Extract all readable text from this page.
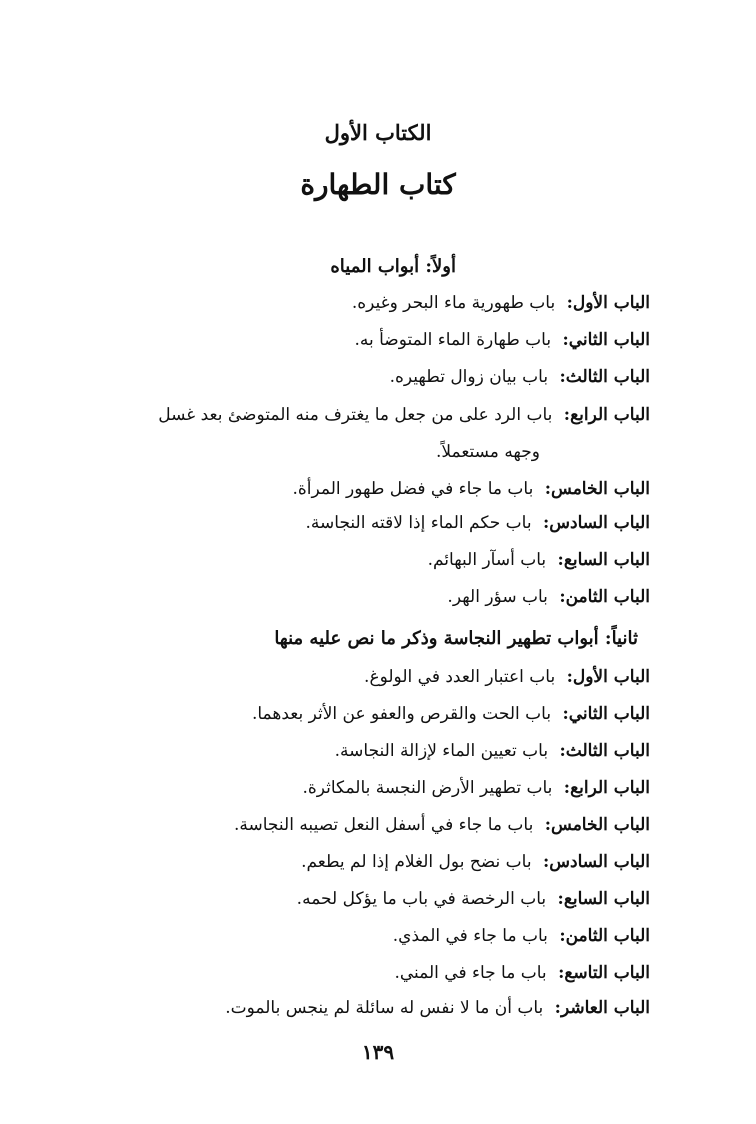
الكتاب الأول
كتاب الطهارة
أولاً: أبواب المياه
الباب الأول: باب طهورية ماء البحر وغيره.
الباب الثاني: باب طهارة الماء المتوضأ به.
الباب الثالث: باب بيان زوال تطهيره.
الباب الرابع: باب الرد على من جعل ما يغترف منه المتوضئ بعد غسل
وجهه مستعملاً.
الباب الخامس: باب ما جاء في فضل طهور المرأة.
الباب السادس: باب حكم الماء إذا لاقته النجاسة.
الباب السابع: باب أسآر البهائم.
الباب الثامن: باب سؤر الهر.
ثانياً: أبواب تطهير النجاسة وذكر ما نص عليه منها
الباب الأول: باب اعتبار العدد في الولوغ.
الباب الثاني: باب الحت والقرص والعفو عن الأثر بعدهما.
الباب الثالث: باب تعيين الماء لإزالة النجاسة.
الباب الرابع: باب تطهير الأرض النجسة بالمكاثرة.
الباب الخامس: باب ما جاء في أسفل النعل تصيبه النجاسة.
الباب السادس: باب نضح بول الغلام إذا لم يطعم.
الباب السابع: باب الرخصة في باب ما يؤكل لحمه.
الباب الثامن: باب ما جاء في المذي.
الباب التاسع: باب ما جاء في المني.
الباب العاشر: باب أن ما لا نفس له سائلة لم ينجس بالموت.
١٣٩
